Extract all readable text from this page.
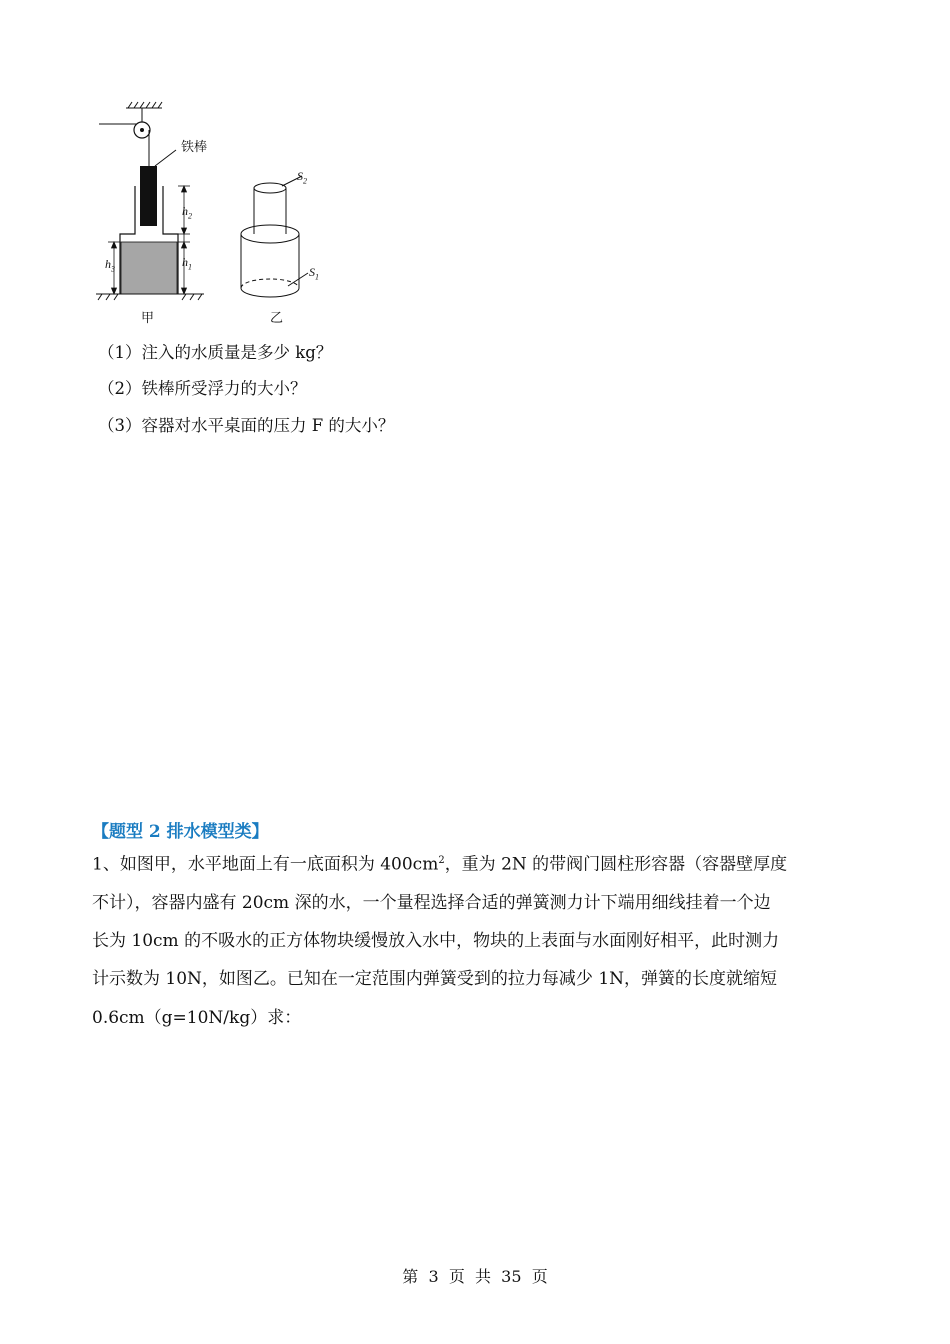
铁棒
$h_2$
$h_1$
$h_3$
$S_2$
$S_1$
甲	乙
（1）注入的水质量是多少 kg？
（2）铁棒所受浮力的大小？
（3）容器对水平桌面的压力 F 的大小？
【题型 2 排水模型类】
1、如图甲，水平地面上有一底面积为 $400cm^2$，重为 2N 的带阀门圆柱形容器（容器壁厚度
不计），容器内盛有 20cm 深的水，一个量程选择合适的弹簧测力计下端用细线挂着一个边
长为 10cm 的不吸水的正方体物块缓慢放入水中，物块的上表面与水面刚好相平，此时测力
计示数为 10N，如图乙。已知在一定范围内弹簧受到的拉力每减少 1N，弹簧的长度就缩短
0.6cm（g=10N/kg）求：
第  3  页  共  35  页
